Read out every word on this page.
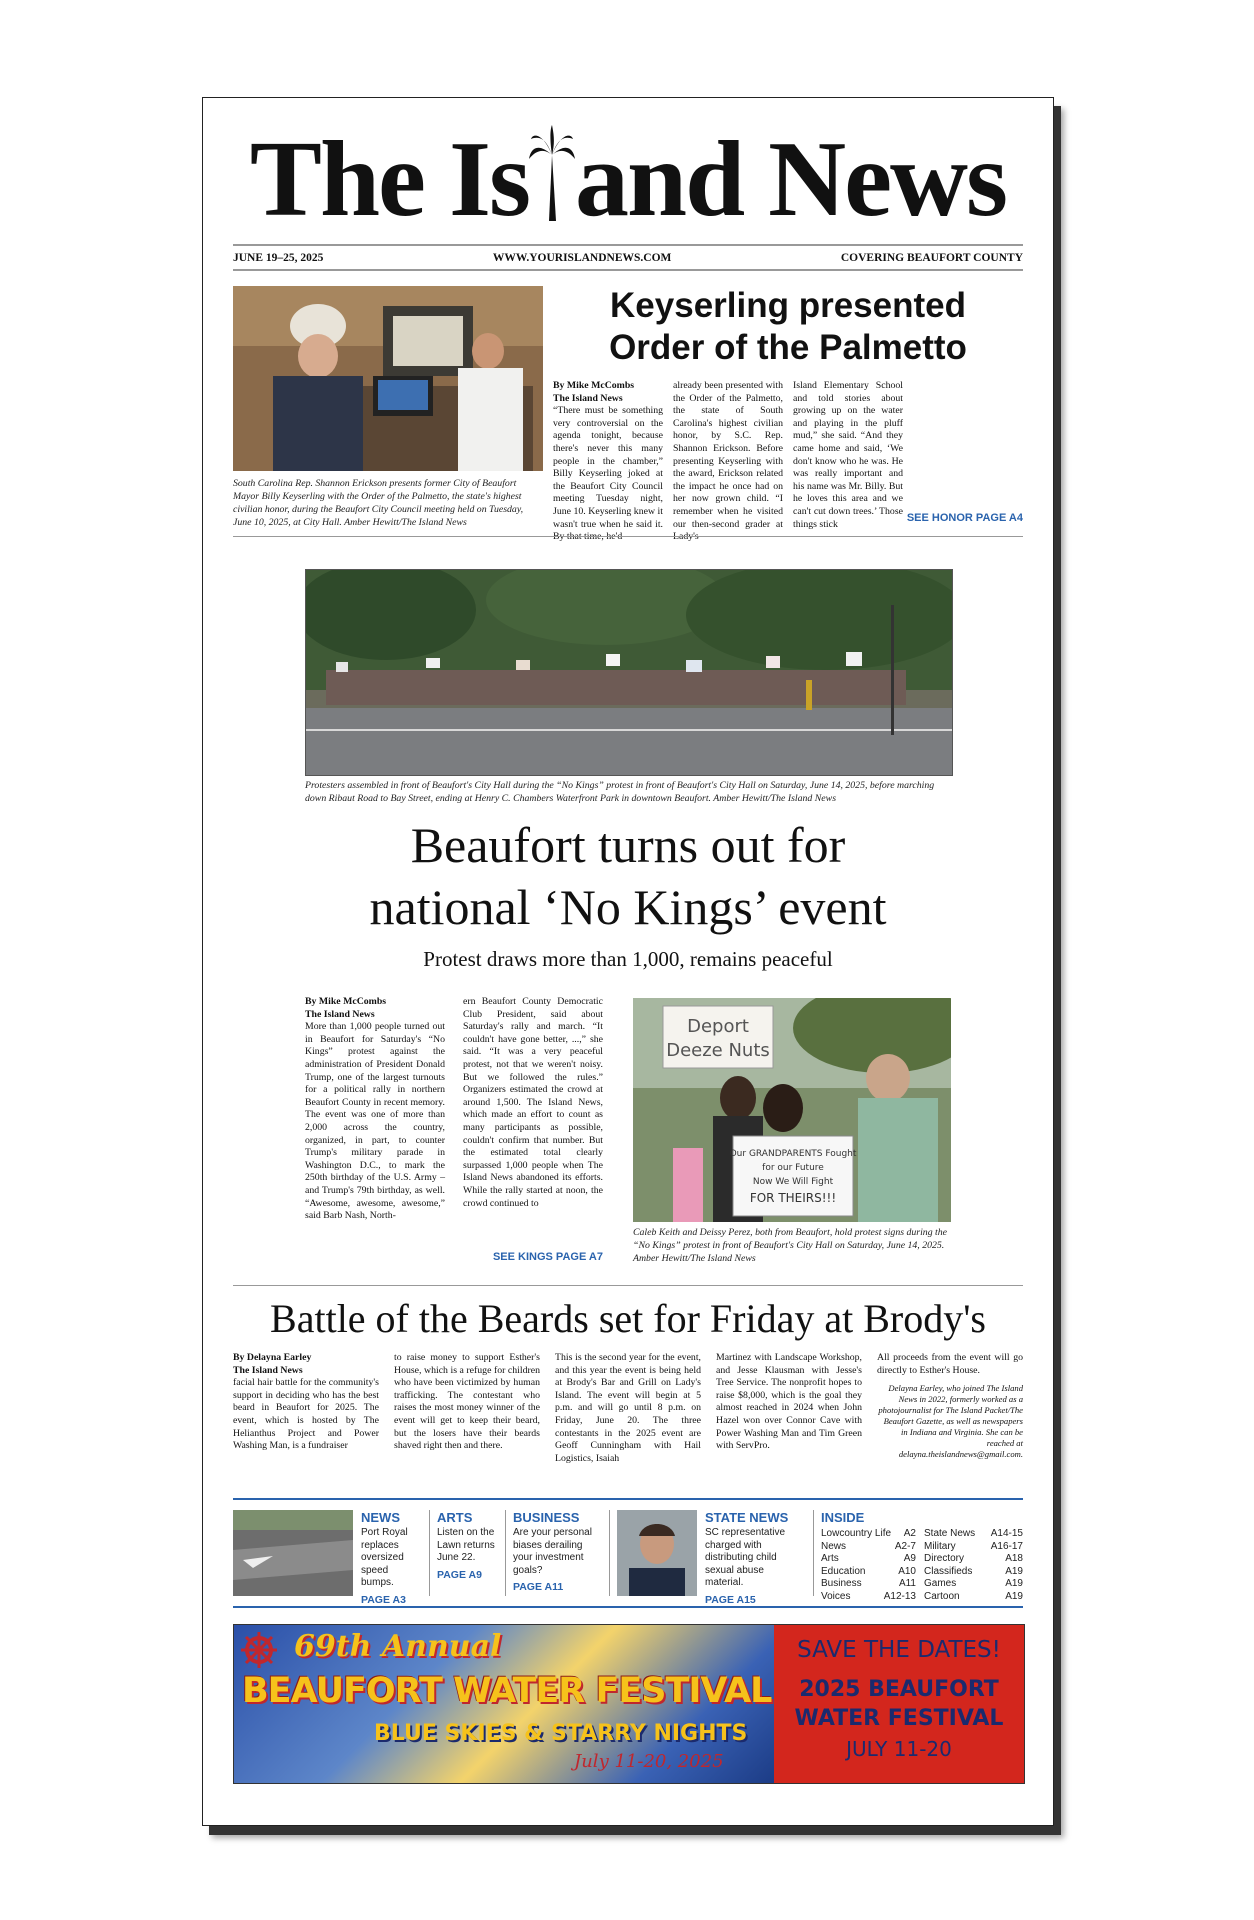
The Is and News
JUNE 19–25, 2025	WWW.YOURISLANDNEWS.COM	COVERING BEAUFORT COUNTY
South Carolina Rep. Shannon Erickson presents former City of Beaufort Mayor Billy Keyserling with the Order of the Palmetto, the state's highest civilian honor, during the Beaufort City Council meeting held on Tuesday, June 10, 2025, at City Hall. Amber Hewitt/The Island News
Keyserling presented
Order of the Palmetto
By Mike McCombs
The Island News
“There must be something very controversial on the agenda tonight, because there's never this many people in the chamber,” Billy Keyserling joked at the Beaufort City Council meeting Tuesday night, June 10. Keyserling knew it wasn't true when he said it.
already been presented with the Order of the Palmetto, the state of South Carolina's highest civilian honor, by S.C. Rep. Shannon Erickson. Before presenting Keyserling with the award, Erickson related the impact he once had on her now grown child. “I remember when he visited our then-second grader at
Island Elementary School and told stories about growing up on the water and playing in the pluff mud,” she said. “And they came home and said, ‘We don't know who he was. He was really important and his name was Mr. Billy. But he loves this area and we can't cut down trees.’ Those things stick
SEE HONOR PAGE A4
Protesters assembled in front of Beaufort's City Hall during the “No Kings” protest in front of Beaufort's City Hall on Saturday, June 14, 2025, before marching down Ribaut Road to Bay Street, ending at Henry C. Chambers Waterfront Park in downtown Beaufort. Amber Hewitt/The Island News
Beaufort turns out for
national ‘No Kings’ event
Protest draws more than 1,000, remains peaceful
By Mike McCombs
The Island News
More than 1,000 people turned out in Beaufort for Saturday's “No Kings” protest against the administration of President Donald Trump, one of the largest turnouts for a political rally in northern Beaufort County in recent memory. The event was one of more than 2,000 across the country, organized, in part, to counter Trump's military parade in Washington D.C., to mark the 250th birthday of the U.S. Army – and Trump's 79th birthday, as well. “Awesome, awesome, awesome,” said Barb Nash, North-
ern Beaufort County Democratic Club President, said about Saturday's rally and march. “It couldn't have gone better, ...,” she said. “It was a very peaceful protest, not that we weren't noisy. But we followed the rules.” Organizers estimated the crowd at around 1,500. The Island News, which made an effort to count as many participants as possible, couldn't confirm that number. But the estimated total clearly surpassed 1,000 people when The Island News abandoned its efforts. While the rally started at noon, the crowd continued to
SEE KINGS PAGE A7
Deport
Deeze Nuts
Our GRANDPARENTS Fought
for our Future
Now We Will Fight
FOR THEIRS!!!
Caleb Keith and Deissy Perez, both from Beaufort, hold protest signs during the “No Kings” protest in front of Beaufort's City Hall on Saturday, June 14, 2025. Amber Hewitt/The Island News
Battle of the Beards set for Friday at Brody's
By Delayna Earley
The Island News
facial hair battle for the community's support in deciding who has the best beard in Beaufort for 2025. The event, which is hosted by The Helianthus Project and Power Washing Man, is a fundraiser
to raise money to support Esther's House, which is a refuge for children who have been victimized by human trafficking. The contestant who raises the most money winner of the event will get to keep their beard, but the losers have their beards shaved right then and there.
This is the second year for the event, and this year the event is being held at Brody's Bar and Grill on Lady's Island. The event will begin at 5 p.m. and will go until 8 p.m. on Friday, June 20. The three contestants in the 2025 event are Geoff Cunningham with Hail Logistics, Isaiah
Martinez with Landscape Workshop, and Jesse Klausman with Jesse's Tree Service. The nonprofit hopes to raise $8,000, which is the goal they almost reached in 2024 when John Hazel won over Connor Cave with Power Washing Man and Tim Green with ServPro.
All proceeds from the event will go directly to Esther's House.
Delayna Earley, who joined The Island News in 2022, formerly worked as a photojournalist for The Island Packet/The Beaufort Gazette, as well as newspapers in Indiana and Virginia. She can be reached at delayna.theislandnews@gmail.com.
NEWS
Port Royal replaces oversized speed bumps.
PAGE A3
ARTS
Listen on the Lawn returns June 22.
PAGE A9
BUSINESS
Are your personal biases derailing your investment goals?
PAGE A11
STATE NEWS
SC representative charged with distributing child sexual abuse material.
PAGE A15
INSIDE
Lowcountry Life A2
News	A2-7
Arts	A9
Education	A10
Business	A11
Voices	A12-13
State News A14-15
Military	A16-17
Directory	A18
Classifieds	A19
Games	A19
Cartoon	A19
69th Annual
BEAUFORT WATER FESTIVAL
BLUE SKIES & STARRY NIGHTS
July 11-20, 2025
SAVE THE DATES!
2025 BEAUFORT
WATER FESTIVAL
JULY 11-20
